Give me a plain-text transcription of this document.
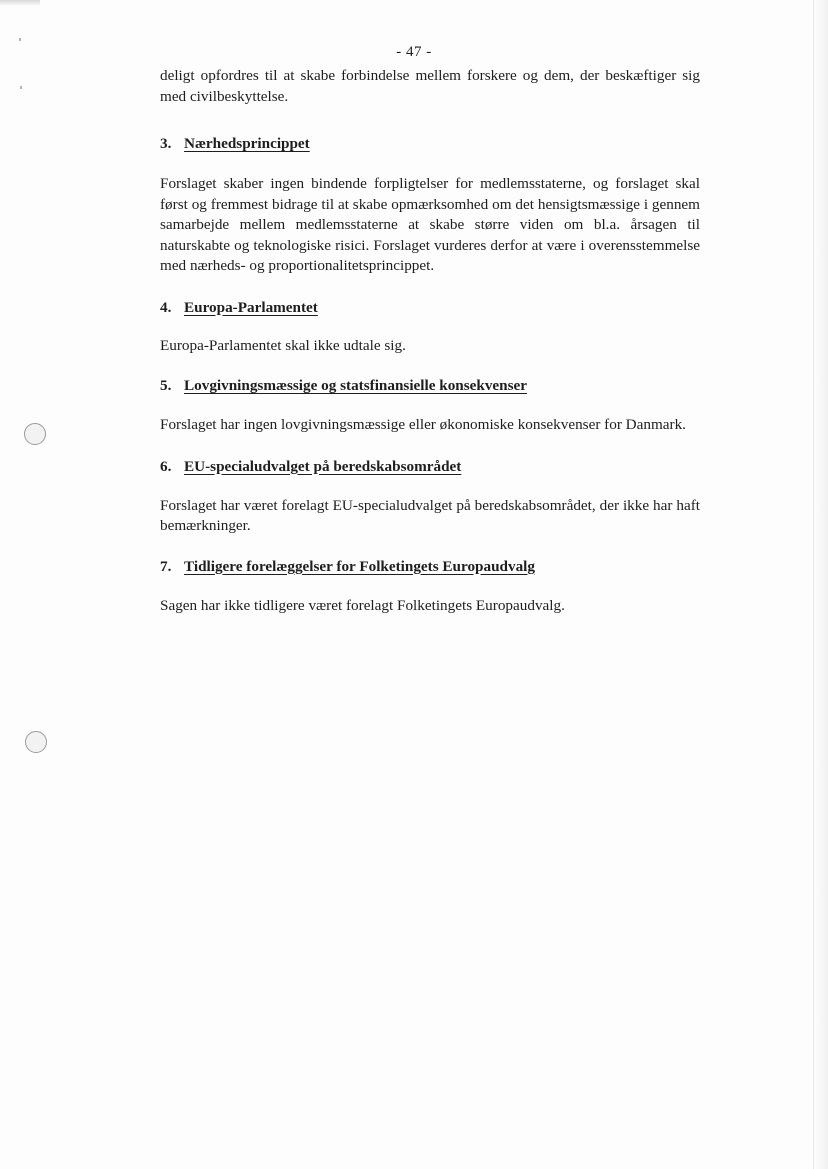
- 47 -

deligt opfordres til at skabe forbindelse mellem forskere og dem, der beskæftiger sig med civilbeskyttelse.

3. Nærhedsprincippet

Forslaget skaber ingen bindende forpligtelser for medlemsstaterne, og forslaget skal først og fremmest bidrage til at skabe opmærksomhed om det hensigtsmæssige i gennem samarbejde mellem medlemsstaterne at skabe større viden om bl.a. årsagen til naturskabte og teknologiske risici. Forslaget vurderes derfor at være i overensstemmelse med nærheds- og proportionalitetsprincippet.

4. Europa-Parlamentet

Europa-Parlamentet skal ikke udtale sig.

5. Lovgivningsmæssige og statsfinansielle konsekvenser

Forslaget har ingen lovgivningsmæssige eller økonomiske konsekvenser for Danmark.

6. EU-specialudvalget på beredskabsområdet

Forslaget har været forelagt EU-specialudvalget på beredskabsområdet, der ikke har haft bemærkninger.

7. Tidligere forelæggelser for Folketingets Europaudvalg

Sagen har ikke tidligere været forelagt Folketingets Europaudvalg.
